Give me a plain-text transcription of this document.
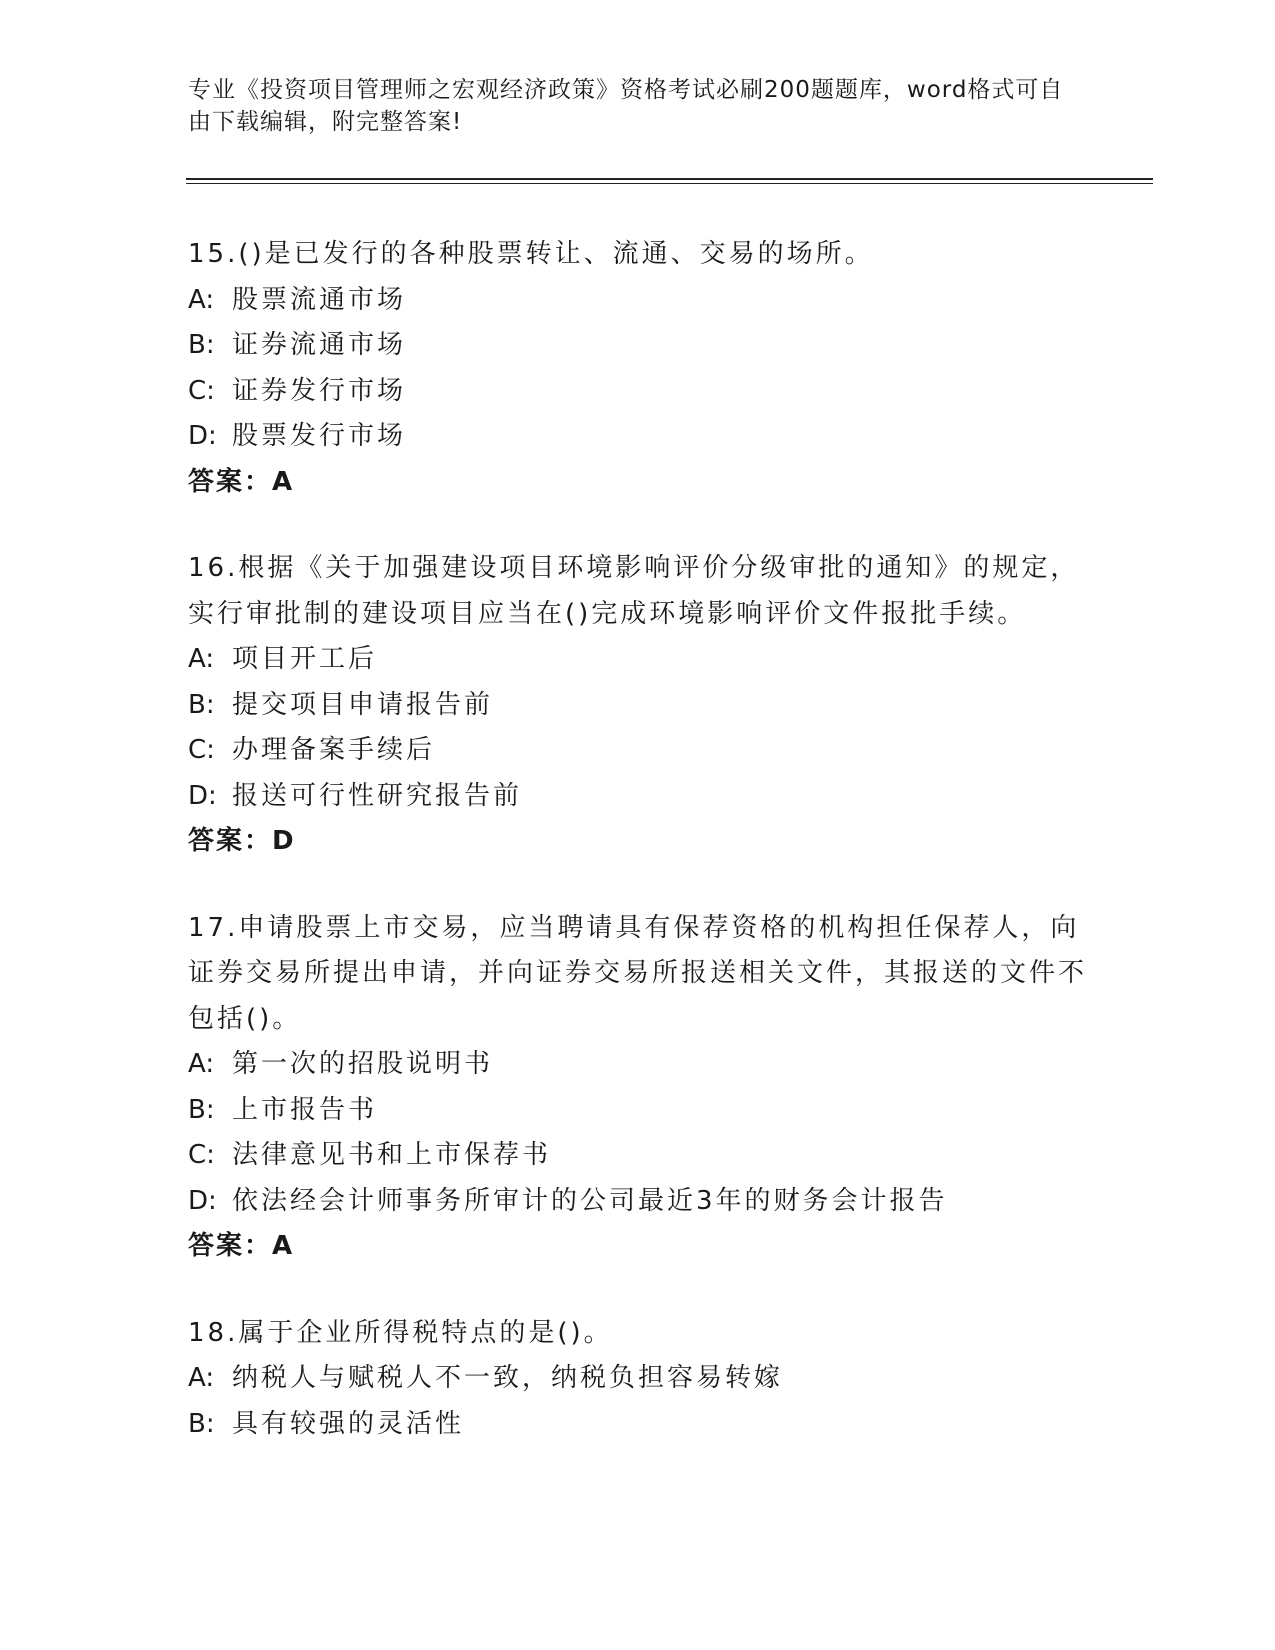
专业《投资项目管理师之宏观经济政策》资格考试必刷200题题库，word格式可自由下载编辑，附完整答案!
15.()是已发行的各种股票转让、流通、交易的场所。
A: 股票流通市场
B: 证券流通市场
C: 证券发行市场
D: 股票发行市场
答案：A
16.根据《关于加强建设项目环境影响评价分级审批的通知》的规定，实行审批制的建设项目应当在()完成环境影响评价文件报批手续。
A: 项目开工后
B: 提交项目申请报告前
C: 办理备案手续后
D: 报送可行性研究报告前
答案：D
17.申请股票上市交易，应当聘请具有保荐资格的机构担任保荐人，向证券交易所提出申请，并向证券交易所报送相关文件，其报送的文件不包括()。
A: 第一次的招股说明书
B: 上市报告书
C: 法律意见书和上市保荐书
D: 依法经会计师事务所审计的公司最近3年的财务会计报告
答案：A
18.属于企业所得税特点的是()。
A: 纳税人与赋税人不一致，纳税负担容易转嫁
B: 具有较强的灵活性
